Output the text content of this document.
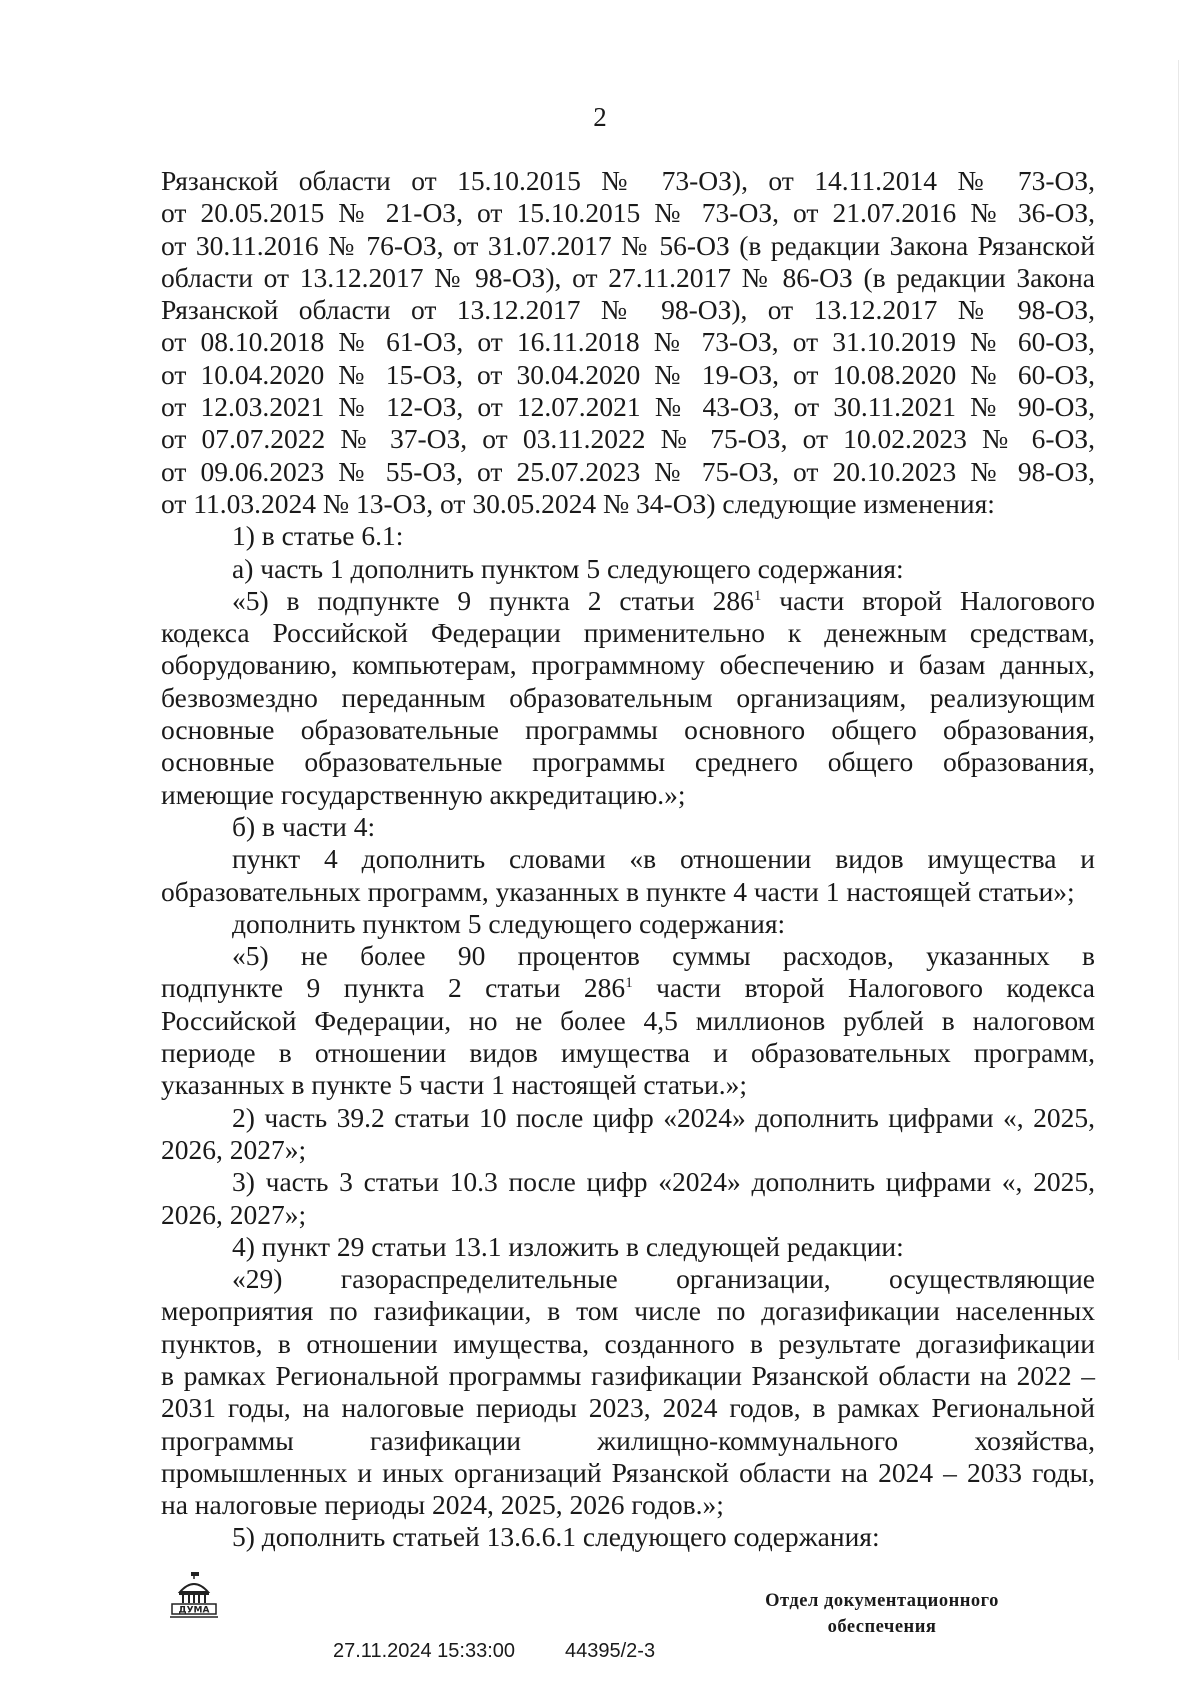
2
Рязанской области от 15.10.2015 № 73-ОЗ), от 14.11.2014 № 73-ОЗ,
от 20.05.2015 № 21-ОЗ, от 15.10.2015 № 73-ОЗ, от 21.07.2016 № 36-ОЗ,
от 30.11.2016 № 76-ОЗ, от 31.07.2017 № 56-ОЗ (в редакции Закона Рязанской
области от 13.12.2017 № 98-ОЗ), от 27.11.2017 № 86-ОЗ (в редакции Закона
Рязанской области от 13.12.2017 № 98-ОЗ), от 13.12.2017 № 98-ОЗ,
от 08.10.2018 № 61-ОЗ, от 16.11.2018 № 73-ОЗ, от 31.10.2019 № 60-ОЗ,
от 10.04.2020 № 15-ОЗ, от 30.04.2020 № 19-ОЗ, от 10.08.2020 № 60-ОЗ,
от 12.03.2021 № 12-ОЗ, от 12.07.2021 № 43-ОЗ, от 30.11.2021 № 90-ОЗ,
от 07.07.2022 № 37-ОЗ, от 03.11.2022 № 75-ОЗ, от 10.02.2023 № 6-ОЗ,
от 09.06.2023 № 55-ОЗ, от 25.07.2023 № 75-ОЗ, от 20.10.2023 № 98-ОЗ,
от 11.03.2024 № 13-ОЗ, от 30.05.2024 № 34-ОЗ) следующие изменения:
1) в статье 6.1:
а) часть 1 дополнить пунктом 5 следующего содержания:
«5) в подпункте 9 пункта 2 статьи $286^1$ части второй Налогового
кодекса Российской Федерации применительно к денежным средствам,
оборудованию, компьютерам, программному обеспечению и базам данных,
безвозмездно переданным образовательным организациям, реализующим
основные образовательные программы основного общего образования,
основные образовательные программы среднего общего образования,
имеющие государственную аккредитацию.»;
б) в части 4:
пункт 4 дополнить словами «в отношении видов имущества и
образовательных программ, указанных в пункте 4 части 1 настоящей статьи»;
дополнить пунктом 5 следующего содержания:
«5) не более 90 процентов суммы расходов, указанных в
подпункте 9 пункта 2 статьи $286^1$ части второй Налогового кодекса
Российской Федерации, но не более 4,5 миллионов рублей в налоговом
периоде в отношении видов имущества и образовательных программ,
указанных в пункте 5 части 1 настоящей статьи.»;
2) часть 39.2 статьи 10 после цифр «2024» дополнить цифрами «, 2025,
2026, 2027»;
3) часть 3 статьи 10.3 после цифр «2024» дополнить цифрами «, 2025,
2026, 2027»;
4) пункт 29 статьи 13.1 изложить в следующей редакции:
«29) газораспределительные организации, осуществляющие
мероприятия по газификации, в том числе по догазификации населенных
пунктов, в отношении имущества, созданного в результате догазификации
в рамках Региональной программы газификации Рязанской области на 2022 –
2031 годы, на налоговые периоды 2023, 2024 годов, в рамках Региональной
программы газификации жилищно-коммунального хозяйства,
промышленных и иных организаций Рязанской области на 2024 – 2033 годы,
на налоговые периоды 2024, 2025, 2026 годов.»;
5) дополнить статьей 13.6.6.1 следующего содержания:
ДУМА
27.11.2024 15:33:00 44395/2-3
Отдел документационного
обеспечения
